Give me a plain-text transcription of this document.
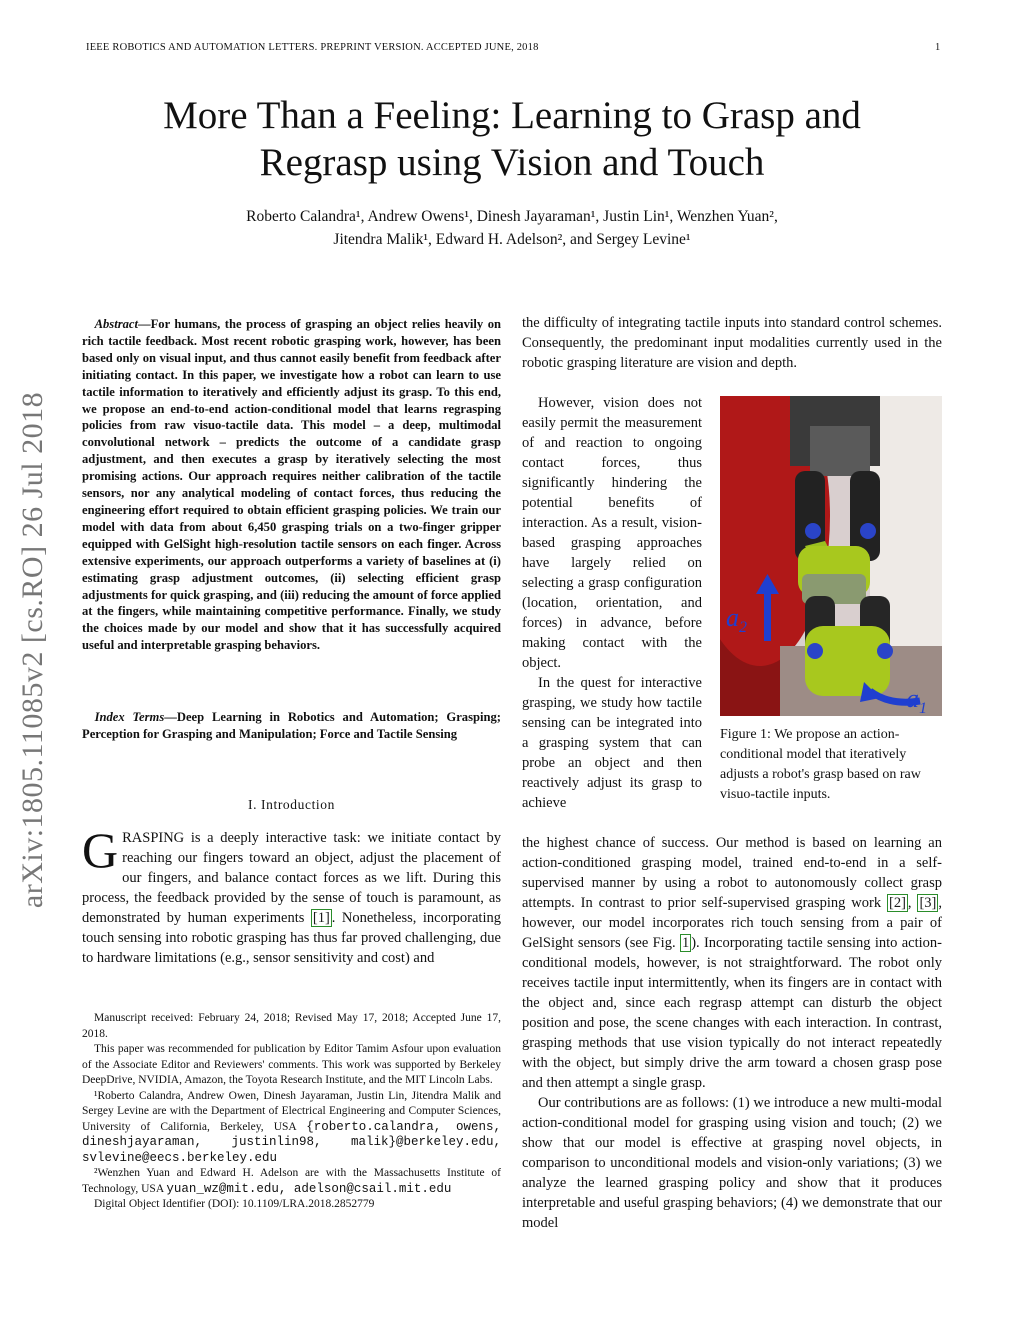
IEEE ROBOTICS AND AUTOMATION LETTERS. PREPRINT VERSION. ACCEPTED JUNE, 2018	1
More Than a Feeling: Learning to Grasp and
Regrasp using Vision and Touch
Roberto Calandra¹, Andrew Owens¹, Dinesh Jayaraman¹, Justin Lin¹, Wenzhen Yuan²,
Jitendra Malik¹, Edward H. Adelson², and Sergey Levine¹
arXiv:1805.11085v2 [cs.RO] 26 Jul 2018
 Abstract—For humans, the process of grasping an object relies heavily on rich tactile feedback. Most recent robotic grasping work, however, has been based only on visual input, and thus cannot easily benefit from feedback after initiating contact. In this paper, we investigate how a robot can learn to use tactile information to iteratively and efficiently adjust its grasp. To this end, we propose an end-to-end action-conditional model that learns regrasping policies from raw visuo-tactile data. This model – a deep, multimodal convolutional network – predicts the outcome of a candidate grasp adjustment, and then executes a grasp by iteratively selecting the most promising actions. Our approach requires neither calibration of the tactile sensors, nor any analytical modeling of contact forces, thus reducing the engineering effort required to obtain efficient grasping policies. We train our model with data from about 6,450 grasping trials on a two-finger gripper equipped with GelSight high-resolution tactile sensors on each finger. Across extensive experiments, our approach outperforms a variety of baselines at (i) estimating grasp adjustment outcomes, (ii) selecting efficient grasp adjustments for quick grasping, and (iii) reducing the amount of force applied at the fingers, while maintaining competitive performance. Finally, we study the choices made by our model and show that it has successfully acquired useful and interpretable grasping behaviors.
 Index Terms—Deep Learning in Robotics and Automation; Grasping; Perception for Grasping and Manipulation; Force and Tactile Sensing
I. Introduction
GRASPING is a deeply interactive task: we initiate contact by reaching our fingers toward an object, adjust the placement of our fingers, and balance contact forces as we lift. During this process, the feedback provided by the sense of touch is paramount, as demonstrated by human experiments [1] . Nonetheless, incorporating touch sensing into robotic grasping has thus far proved challenging, due to hardware limitations (e.g., sensor sensitivity and cost) and

Manuscript received: February 24, 2018; Revised May 17, 2018; Accepted June 17, 2018.

This paper was recommended for publication by Editor Tamim Asfour upon evaluation of the Associate Editor and Reviewers' comments. This work was supported by Berkeley DeepDrive, NVIDIA, Amazon, the Toyota Research Institute, and the MIT Lincoln Labs.

¹Roberto Calandra, Andrew Owen, Dinesh Jayaraman, Justin Lin, Jitendra Malik and Sergey Levine are with the Department of Electrical Engineering and Computer Sciences, University of California, Berkeley, USA {roberto.calandra, owens, dineshjayaraman, justinlin98, malik}@berkeley.edu, svlevine@eecs.berkeley.edu

²Wenzhen Yuan and Edward H. Adelson are with the Massachusetts Institute of Technology, USA yuan_wz@mit.edu, adelson@csail.mit.edu

Digital Object Identifier (DOI): 10.1109/LRA.2018.2852779

the difficulty of integrating tactile inputs into standard control schemes. Consequently, the predominant input modalities currently used in the robotic grasping literature are vision and depth.

However, vision does not easily permit the measurement of and reaction to ongoing contact forces, thus significantly hindering the potential benefits of interaction. As a result, vision-based grasping approaches have largely relied on selecting a grasp configuration (location, orientation, and forces) in advance, before making contact with the object.

In the quest for interactive grasping, we study how tactile sensing can be integrated into a grasping system that can probe an object and then reactively adjust its grasp to achieve

$a_2$
$a_1$
Figure 1: We propose an action-conditional model that iteratively adjusts a robot's grasp based on raw visuo-tactile inputs.

the highest chance of success. Our method is based on learning an action-conditioned grasping model, trained end-to-end in a self-supervised manner by using a robot to autonomously collect grasp attempts. In contrast to prior self-supervised grasping work [2] , [3] , however, our model incorporates rich touch sensing from a pair of GelSight sensors (see Fig. 1 ). Incorporating tactile sensing into action-conditional models, however, is not straightforward. The robot only receives tactile input intermittently, when its fingers are in contact with the object and, since each regrasp attempt can disturb the object position and pose, the scene changes with each interaction. In contrast, grasping methods that use vision typically do not interact repeatedly with the object, but simply drive the arm toward a chosen grasp pose and then attempt a single grasp.

Our contributions are as follows: (1) we introduce a new multi-modal action-conditional model for grasping using vision and touch; (2) we show that our model is effective at grasping novel objects, in comparison to unconditional models and vision-only variations; (3) we analyze the learned grasping policy and show that it produces interpretable and useful grasping behaviors; (4) we demonstrate that our model
